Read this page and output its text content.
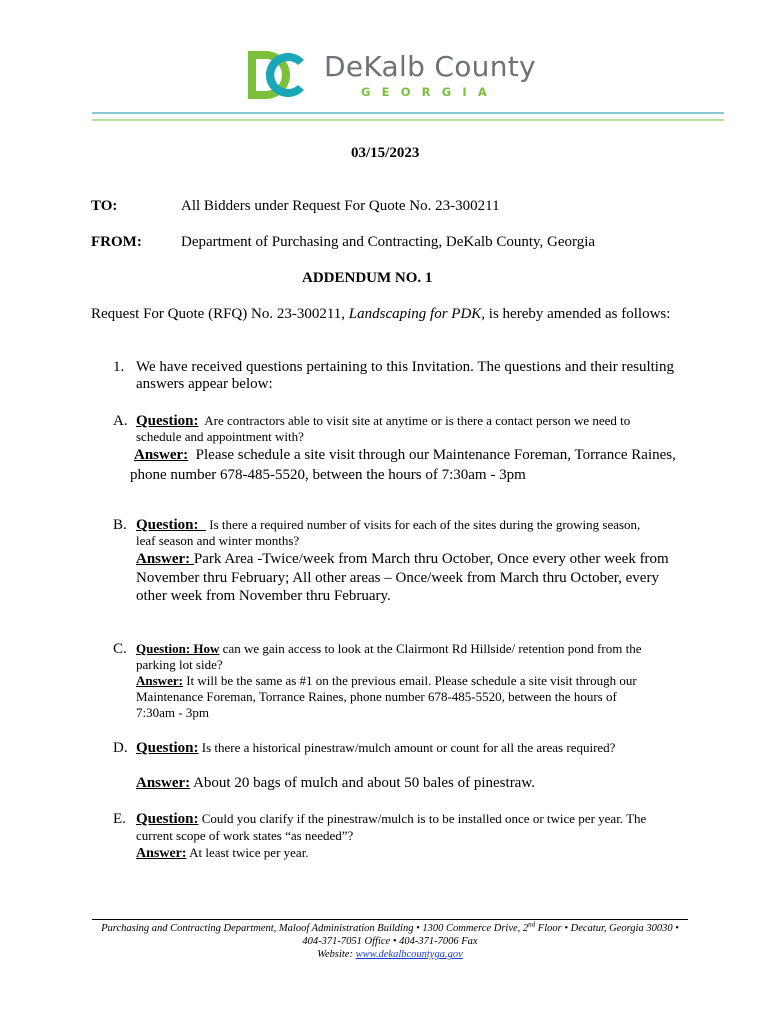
DeKalb County
GEORGIA
03/15/2023
TO:	All Bidders under Request For Quote No. 23-300211
FROM:	Department of Purchasing and Contracting, DeKalb County, Georgia
ADDENDUM NO. 1
Request For Quote (RFQ) No. 23-300211, Landscaping for PDK, is hereby amended as follows:
1. We have received questions pertaining to this Invitation. The questions and their resulting
answers appear below:
A. Question:  Are contractors able to visit site at anytime or is there a contact person we need to
schedule and appointment with?
Answer:  Please schedule a site visit through our Maintenance Foreman, Torrance Raines,
phone number 678-485-5520, between the hours of 7:30am - 3pm
B. Question:   Is there a required number of visits for each of the sites during the growing season,
leaf season and winter months?
Answer: Park Area -Twice/week from March thru October, Once every other week from
November thru February; All other areas – Once/week from March thru October, every
other week from November thru February.
C. Question: How can we gain access to look at the Clairmont Rd Hillside/ retention pond from the
parking lot side?
Answer: It will be the same as #1 on the previous email. Please schedule a site visit through our
Maintenance Foreman, Torrance Raines, phone number 678-485-5520, between the hours of
7:30am - 3pm
D. Question: Is there a historical pinestraw/mulch amount or count for all the areas required?
Answer: About 20 bags of mulch and about 50 bales of pinestraw.
E. Question: Could you clarify if the pinestraw/mulch is to be installed once or twice per year. The
current scope of work states “as needed”?
Answer: At least twice per year.
Purchasing and Contracting Department, Maloof Administration Building • 1300 Commerce Drive, 2nd Floor • Decatur, Georgia 30030 •
404-371-7051 Office • 404-371-7006 Fax
Website: www.dekalbcountyga.gov
